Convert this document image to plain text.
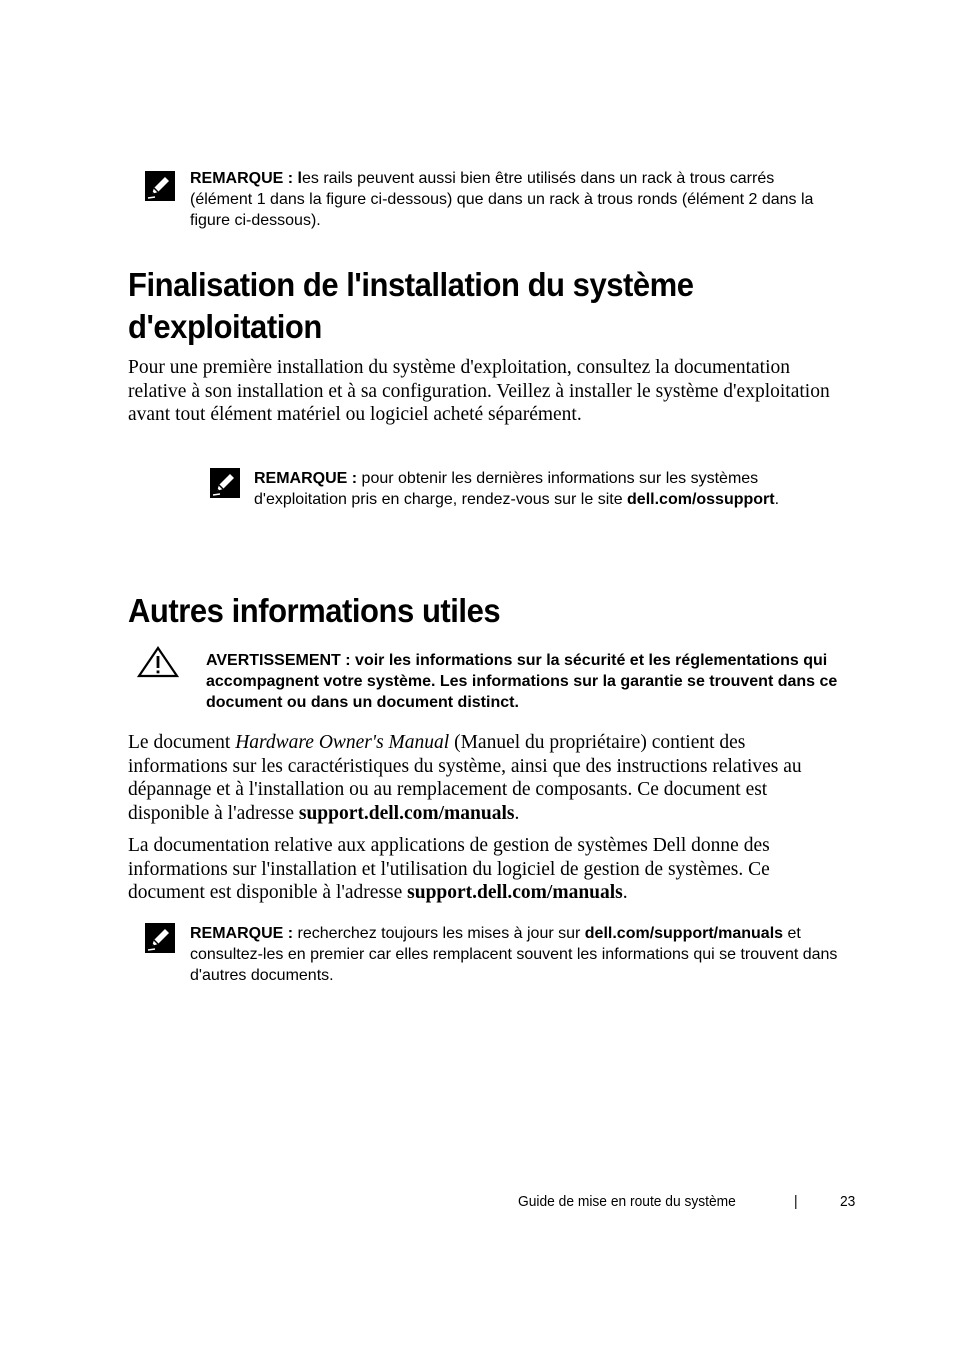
REMARQUE : les rails peuvent aussi bien être utilisés dans un rack à trous carrés (élément 1 dans la figure ci-dessous) que dans un rack à trous ronds (élément 2 dans la figure ci-dessous).
Finalisation de l'installation du système
d'exploitation

Pour une première installation du système d'exploitation, consultez la documentation relative à son installation et à sa configuration. Veillez à installer le système d'exploitation avant tout élément matériel ou logiciel acheté séparément.

REMARQUE : pour obtenir les dernières informations sur les systèmes d'exploitation pris en charge, rendez-vous sur le site dell.com/ossupport.
Autres informations utiles
AVERTISSEMENT : voir les informations sur la sécurité et les réglementations qui accompagnent votre système. Les informations sur la garantie se trouvent dans ce document ou dans un document distinct.

Le document Hardware Owner's Manual (Manuel du propriétaire) contient des informations sur les caractéristiques du système, ainsi que des instructions relatives au dépannage et à l'installation ou au remplacement de composants. Ce document est disponible à l'adresse support.dell.com/manuals.

La documentation relative aux applications de gestion de systèmes Dell donne des informations sur l'installation et l'utilisation du logiciel de gestion de systèmes. Ce document est disponible à l'adresse support.dell.com/manuals.

REMARQUE : recherchez toujours les mises à jour sur dell.com/support/manuals et consultez-les en premier car elles remplacent souvent les informations qui se trouvent dans d'autres documents.
Guide de mise en route du système	|	23
